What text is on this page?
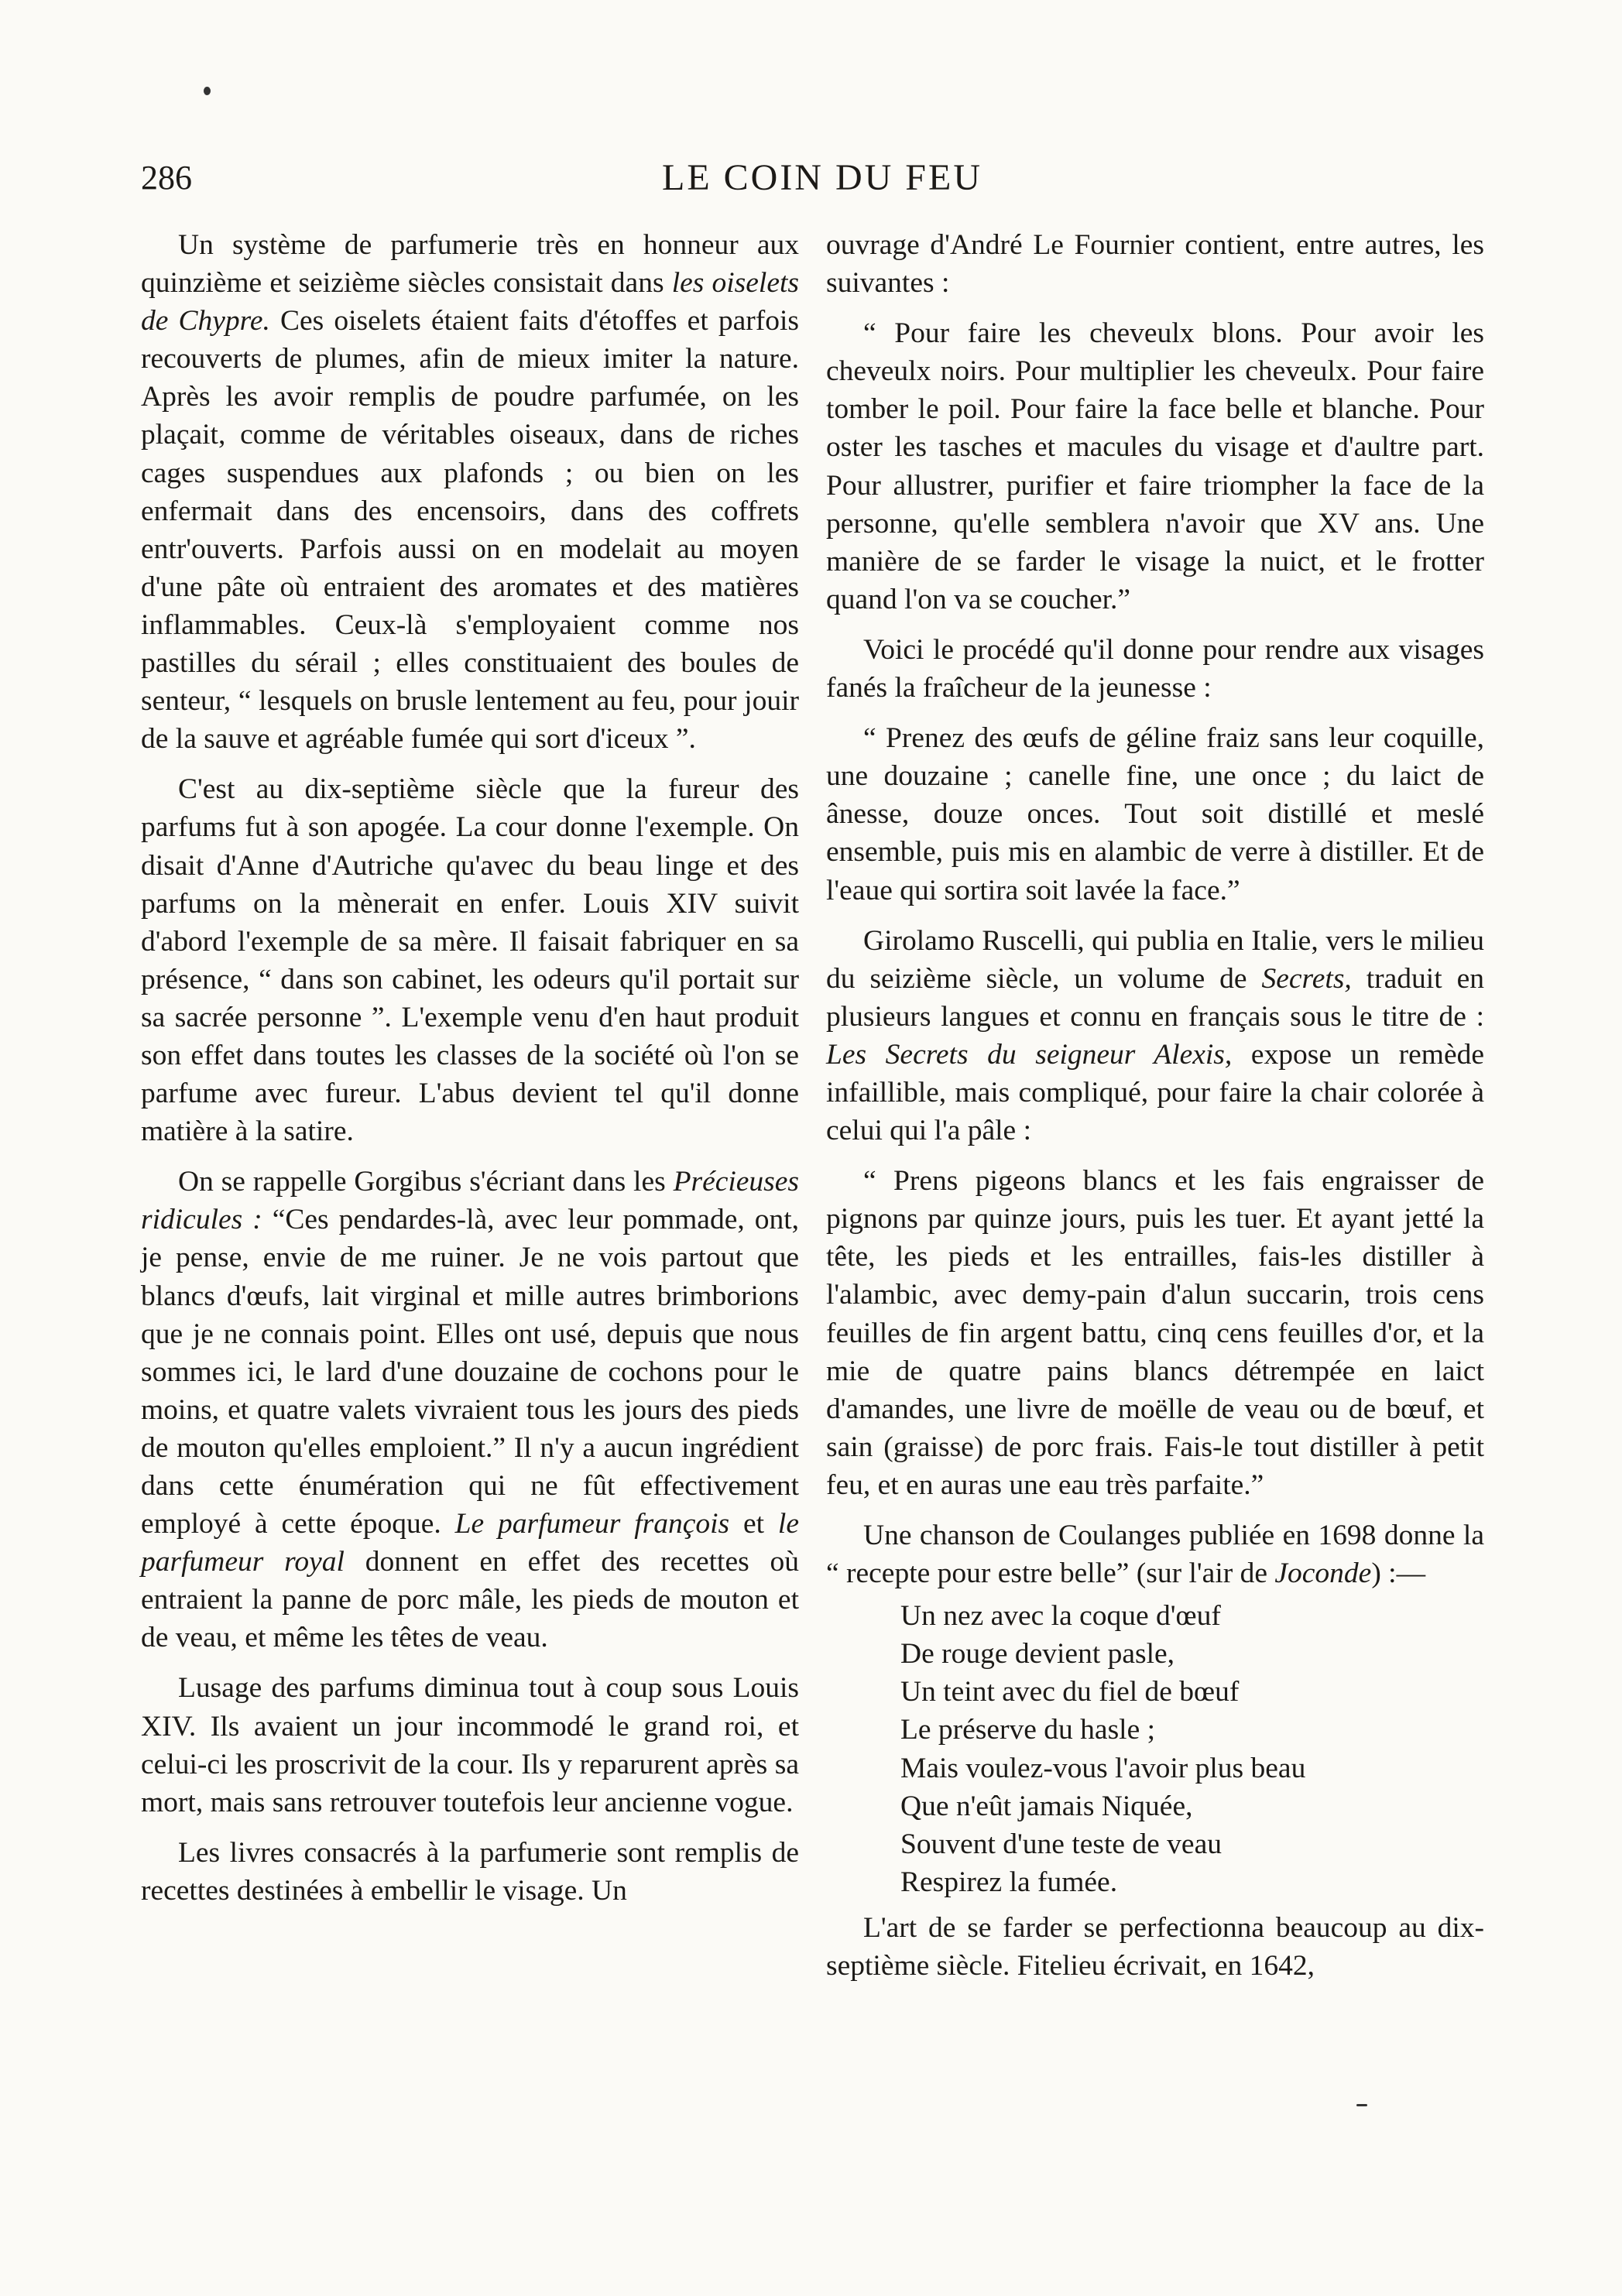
286	LE COIN DU FEU

Un système de parfumerie très en honneur aux quinzième et seizième siècles consistait dans les oiselets de Chypre. Ces oiselets étaient faits d'étoffes et parfois recouverts de plumes, afin de mieux imiter la nature. Après les avoir remplis de poudre parfumée, on les plaçait, comme de véritables oiseaux, dans de riches cages suspendues aux plafonds ; ou bien on les enfermait dans des encensoirs, dans des coffrets entr'ouverts. Parfois aussi on en modelait au moyen d'une pâte où entraient des aromates et des matières inflammables. Ceux-là s'employaient comme nos pastilles du sérail ; elles constituaient des boules de senteur, “ lesquels on brusle lentement au feu, pour jouir de la sauve et agréable fumée qui sort d'iceux ”.

C'est au dix-septième siècle que la fureur des parfums fut à son apogée. La cour donne l'exemple. On disait d'Anne d'Autriche qu'avec du beau linge et des parfums on la mènerait en enfer. Louis XIV suivit d'abord l'exemple de sa mère. Il faisait fabriquer en sa présence, “ dans son cabinet, les odeurs qu'il portait sur sa sacrée personne ”. L'exemple venu d'en haut produit son effet dans toutes les classes de la société où l'on se parfume avec fureur. L'abus devient tel qu'il donne matière à la satire.

On se rappelle Gorgibus s'écriant dans les Précieuses ridicules : “Ces pendardes-là, avec leur pommade, ont, je pense, envie de me ruiner. Je ne vois partout que blancs d'œufs, lait virginal et mille autres brimborions que je ne connais point. Elles ont usé, depuis que nous sommes ici, le lard d'une douzaine de cochons pour le moins, et quatre valets vivraient tous les jours des pieds de mouton qu'elles emploient.” Il n'y a aucun ingrédient dans cette énumération qui ne fût effectivement employé à cette époque. Le parfumeur françois et le parfumeur royal donnent en effet des recettes où entraient la panne de porc mâle, les pieds de mouton et de veau, et même les têtes de veau.

Lusage des parfums diminua tout à coup sous Louis XIV. Ils avaient un jour incommodé le grand roi, et celui-ci les proscrivit de la cour. Ils y reparurent après sa mort, mais sans retrouver toutefois leur ancienne vogue.

Les livres consacrés à la parfumerie sont remplis de recettes destinées à embellir le visage. Un

ouvrage d'André Le Fournier contient, entre autres, les suivantes :

“ Pour faire les cheveulx blons. Pour avoir les cheveulx noirs. Pour multiplier les cheveulx. Pour faire tomber le poil. Pour faire la face belle et blanche. Pour oster les tasches et macules du visage et d'aultre part. Pour allustrer, purifier et faire triompher la face de la personne, qu'elle semblera n'avoir que XV ans. Une manière de se farder le visage la nuict, et le frotter quand l'on va se coucher.”

Voici le procédé qu'il donne pour rendre aux visages fanés la fraîcheur de la jeunesse :

“ Prenez des œufs de géline fraiz sans leur coquille, une douzaine ; canelle fine, une once ; du laict de ânesse, douze onces. Tout soit distillé et meslé ensemble, puis mis en alambic de verre à distiller. Et de l'eaue qui sortira soit lavée la face.”

Girolamo Ruscelli, qui publia en Italie, vers le milieu du seizième siècle, un volume de Secrets, traduit en plusieurs langues et connu en français sous le titre de : Les Secrets du seigneur Alexis, expose un remède infaillible, mais compliqué, pour faire la chair colorée à celui qui l'a pâle :

“ Prens pigeons blancs et les fais engraisser de pignons par quinze jours, puis les tuer. Et ayant jetté la tête, les pieds et les entrailles, fais-les distiller à l'alambic, avec demy-pain d'alun succarin, trois cens feuilles de fin argent battu, cinq cens feuilles d'or, et la mie de quatre pains blancs détrempée en laict d'amandes, une livre de moëlle de veau ou de bœuf, et sain (graisse) de porc frais. Fais-le tout distiller à petit feu, et en auras une eau très parfaite.”

Une chanson de Coulanges publiée en 1698 donne la “ recepte pour estre belle” (sur l'air de Joconde) :—

Un nez avec la coque d'œuf
De rouge devient pasle,
Un teint avec du fiel de bœuf
Le préserve du hasle ;
Mais voulez-vous l'avoir plus beau
Que n'eût jamais Niquée,
Souvent d'une teste de veau
Respirez la fumée.

L'art de se farder se perfectionna beaucoup au dix-septième siècle. Fitelieu écrivait, en 1642,
